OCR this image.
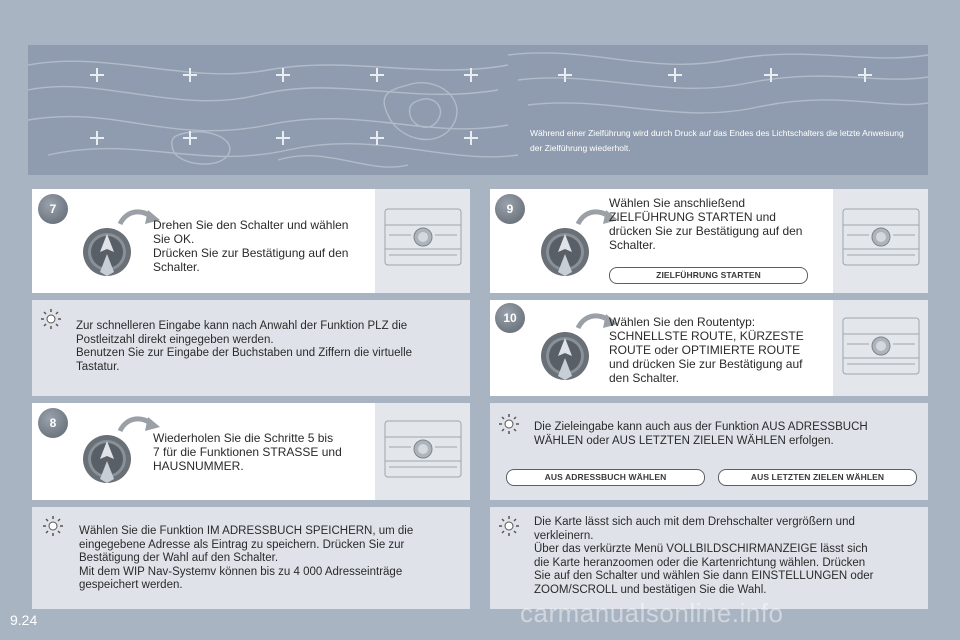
Während einer Zielführung wird durch Druck auf das Endes des Lichtschalters die letzte Anweisung der Zielführung wiederholt.
7
Drehen Sie den Schalter und wählen
Sie OK.
Drücken Sie zur Bestätigung auf den
Schalter.
Zur schnelleren Eingabe kann nach Anwahl der Funktion PLZ die
Postleitzahl direkt eingegeben werden.
Benutzen Sie zur Eingabe der Buchstaben und Ziffern die virtuelle
Tastatur.
8
Wiederholen Sie die Schritte 5 bis
7 für die Funktionen STRASSE und
HAUSNUMMER.
Wählen Sie die Funktion IM ADRESSBUCH SPEICHERN, um die
eingegebene Adresse als Eintrag zu speichern. Drücken Sie zur
Bestätigung der Wahl auf den Schalter.
Mit dem WIP Nav-Systemv können bis zu 4 000 Adresseinträge
gespeichert werden.
9	Wählen Sie anschließend
ZIELFÜHRUNG STARTEN und
drücken Sie zur Bestätigung auf den
Schalter.
ZIELFÜHRUNG STARTEN
10	Wählen Sie den Routentyp:
SCHNELLSTE ROUTE, KÜRZESTE
ROUTE oder OPTIMIERTE ROUTE
und drücken Sie zur Bestätigung auf
den Schalter.
Die Zieleingabe kann auch aus der Funktion AUS ADRESSBUCH
WÄHLEN oder AUS LETZTEN ZIELEN WÄHLEN erfolgen.
AUS ADRESSBUCH WÄHLEN	AUS LETZTEN ZIELEN WÄHLEN
Die Karte lässt sich auch mit dem Drehschalter vergrößern und
verkleinern.
Über das verkürzte Menü VOLLBILDSCHIRMANZEIGE lässt sich
die Karte heranzoomen oder die Kartenrichtung wählen. Drücken
Sie auf den Schalter und wählen Sie dann EINSTELLUNGEN oder
ZOOM/SCROLL und bestätigen Sie die Wahl.
9.24	carmanualsonline.info
